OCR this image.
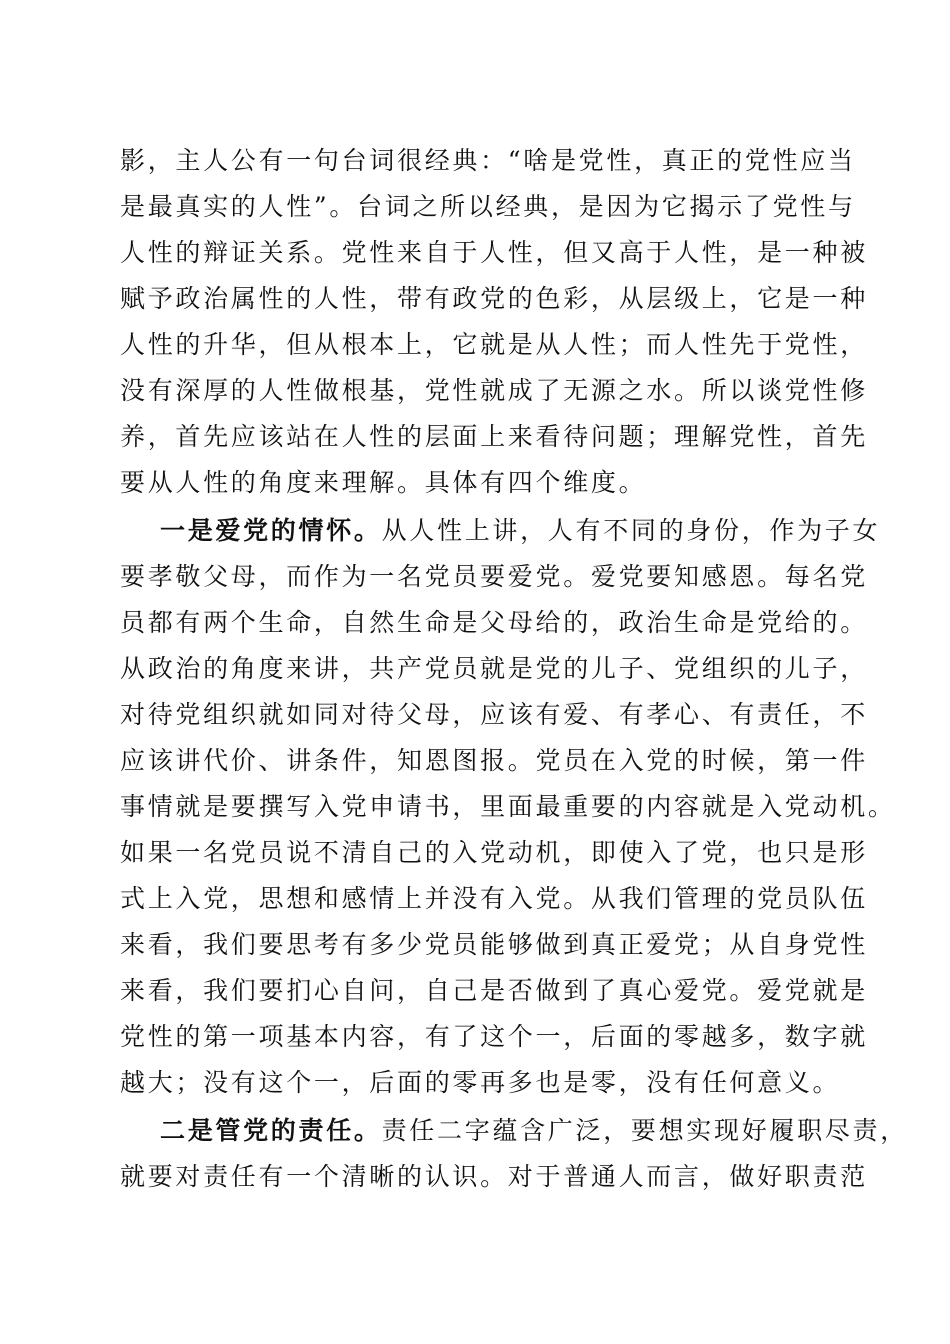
影，主人公有一句台词很经典：“啥是党性，真正的党性应当
是最真实的人性”。台词之所以经典，是因为它揭示了党性与
人性的辩证关系。党性来自于人性，但又高于人性，是一种被
赋予政治属性的人性，带有政党的色彩，从层级上，它是一种
人性的升华，但从根本上，它就是从人性；而人性先于党性，
没有深厚的人性做根基，党性就成了无源之水。所以谈党性修
养，首先应该站在人性的层面上来看待问题；理解党性，首先
要从人性的角度来理解。具体有四个维度。
一是爱党的情怀。从人性上讲，人有不同的身份，作为子女
要孝敬父母，而作为一名党员要爱党。爱党要知感恩。每名党
员都有两个生命，自然生命是父母给的，政治生命是党给的。
从政治的角度来讲，共产党员就是党的儿子、党组织的儿子，
对待党组织就如同对待父母，应该有爱、有孝心、有责任，不
应该讲代价、讲条件，知恩图报。党员在入党的时候，第一件
事情就是要撰写入党申请书，里面最重要的内容就是入党动机。
如果一名党员说不清自己的入党动机，即使入了党，也只是形
式上入党，思想和感情上并没有入党。从我们管理的党员队伍
来看，我们要思考有多少党员能够做到真正爱党；从自身党性
来看，我们要扪心自问，自己是否做到了真心爱党。爱党就是
党性的第一项基本内容，有了这个一，后面的零越多，数字就
越大；没有这个一，后面的零再多也是零，没有任何意义。
二是管党的责任。责任二字蕴含广泛，要想实现好履职尽责，
就要对责任有一个清晰的认识。对于普通人而言，做好职责范
